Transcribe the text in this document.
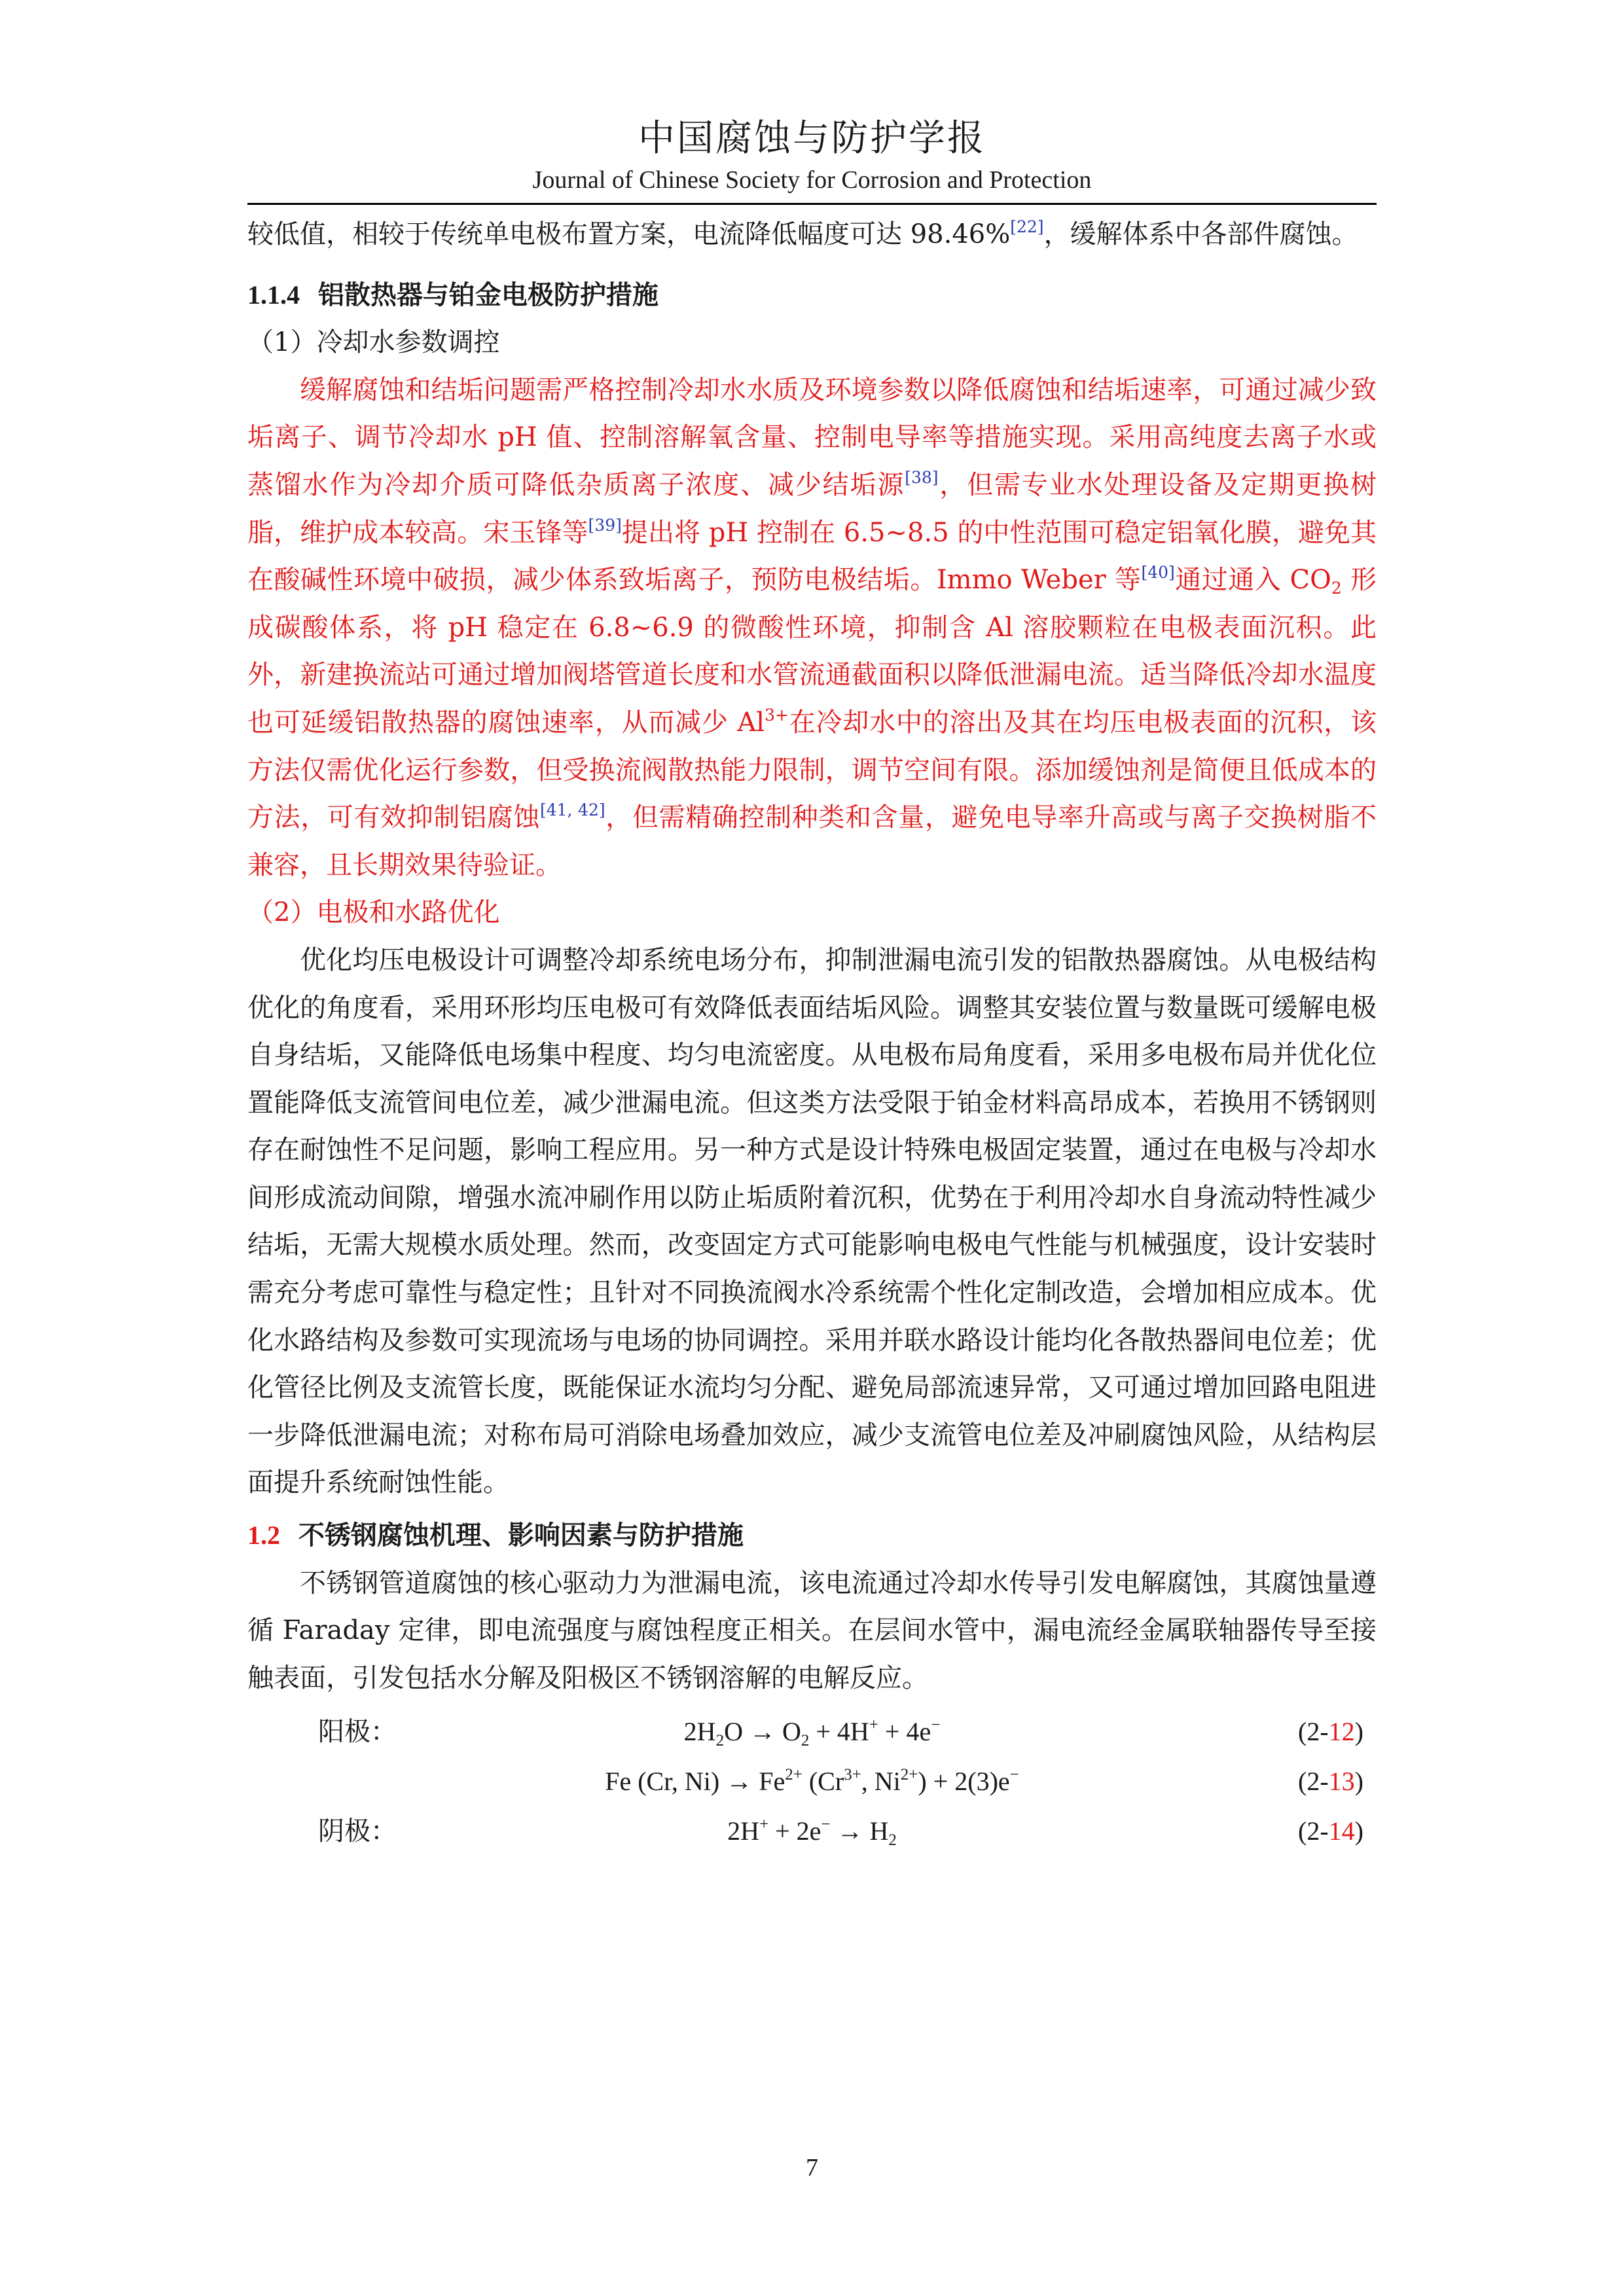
中国腐蚀与防护学报

Journal of Chinese Society for Corrosion and Protection

较低值，相较于传统单电极布置方案，电流降低幅度可达 98.46%[22]，缓解体系中各部件腐蚀。

1.1.4 铝散热器与铂金电极防护措施

（1）冷却水参数调控

缓解腐蚀和结垢问题需严格控制冷却水水质及环境参数以降低腐蚀和结垢速率，可通过减少致垢离子、调节冷却水 pH 值、控制溶解氧含量、控制电导率等措施实现。采用高纯度去离子水或蒸馏水作为冷却介质可降低杂质离子浓度、减少结垢源[38]，但需专业水处理设备及定期更换树脂，维护成本较高。宋玉锋等[39]提出将 pH 控制在 6.5~8.5 的中性范围可稳定铝氧化膜，避免其在酸碱性环境中破损，减少体系致垢离子，预防电极结垢。Immo Weber 等[40]通过通入 $CO_2$ 形成碳酸体系，将 pH 稳定在 6.8~6.9 的微酸性环境，抑制含 Al 溶胶颗粒在电极表面沉积。此外，新建换流站可通过增加阀塔管道长度和水管流通截面积以降低泄漏电流。适当降低冷却水温度也可延缓铝散热器的腐蚀速率，从而减少 $Al^{3+}$在冷却水中的溶出及其在均压电极表面的沉积，该方法仅需优化运行参数，但受换流阀散热能力限制，调节空间有限。添加缓蚀剂是简便且低成本的方法，可有效抑制铝腐蚀[41, 42]，但需精确控制种类和含量，避免电导率升高或与离子交换树脂不兼容，且长期效果待验证。

（2）电极和水路优化

优化均压电极设计可调整冷却系统电场分布，抑制泄漏电流引发的铝散热器腐蚀。从电极结构优化的角度看，采用环形均压电极可有效降低表面结垢风险。调整其安装位置与数量既可缓解电极自身结垢，又能降低电场集中程度、均匀电流密度。从电极布局角度看，采用多电极布局并优化位置能降低支流管间电位差，减少泄漏电流。但这类方法受限于铂金材料高昂成本，若换用不锈钢则存在耐蚀性不足问题，影响工程应用。另一种方式是设计特殊电极固定装置，通过在电极与冷却水间形成流动间隙，增强水流冲刷作用以防止垢质附着沉积，优势在于利用冷却水自身流动特性减少结垢，无需大规模水质处理。然而，改变固定方式可能影响电极电气性能与机械强度，设计安装时需充分考虑可靠性与稳定性；且针对不同换流阀水冷系统需个性化定制改造，会增加相应成本。优化水路结构及参数可实现流场与电场的协同调控。采用并联水路设计能均化各散热器间电位差；优化管径比例及支流管长度，既能保证水流均匀分配、避免局部流速异常，又可通过增加回路电阻进一步降低泄漏电流；对称布局可消除电场叠加效应，减少支流管电位差及冲刷腐蚀风险，从结构层面提升系统耐蚀性能。

1.2 不锈钢腐蚀机理、影响因素与防护措施

不锈钢管道腐蚀的核心驱动力为泄漏电流，该电流通过冷却水传导引发电解腐蚀，其腐蚀量遵循 Faraday 定律，即电流强度与腐蚀程度正相关。在层间水管中，漏电流经金属联轴器传导至接触表面，引发包括水分解及阳极区不锈钢溶解的电解反应。

阳极：	$2H_2O \to O_2 + 4H^+ + 4e^-$	(2-12)
Fe (Cr, $Ni) \to Fe^{2+}$ ($Cr^{3+}$, $Ni^{2+}) + 2(3)e^-$	(2-13)
阴极：	$2H^+ + 2e^- \to H_2$	(2-14)
7
